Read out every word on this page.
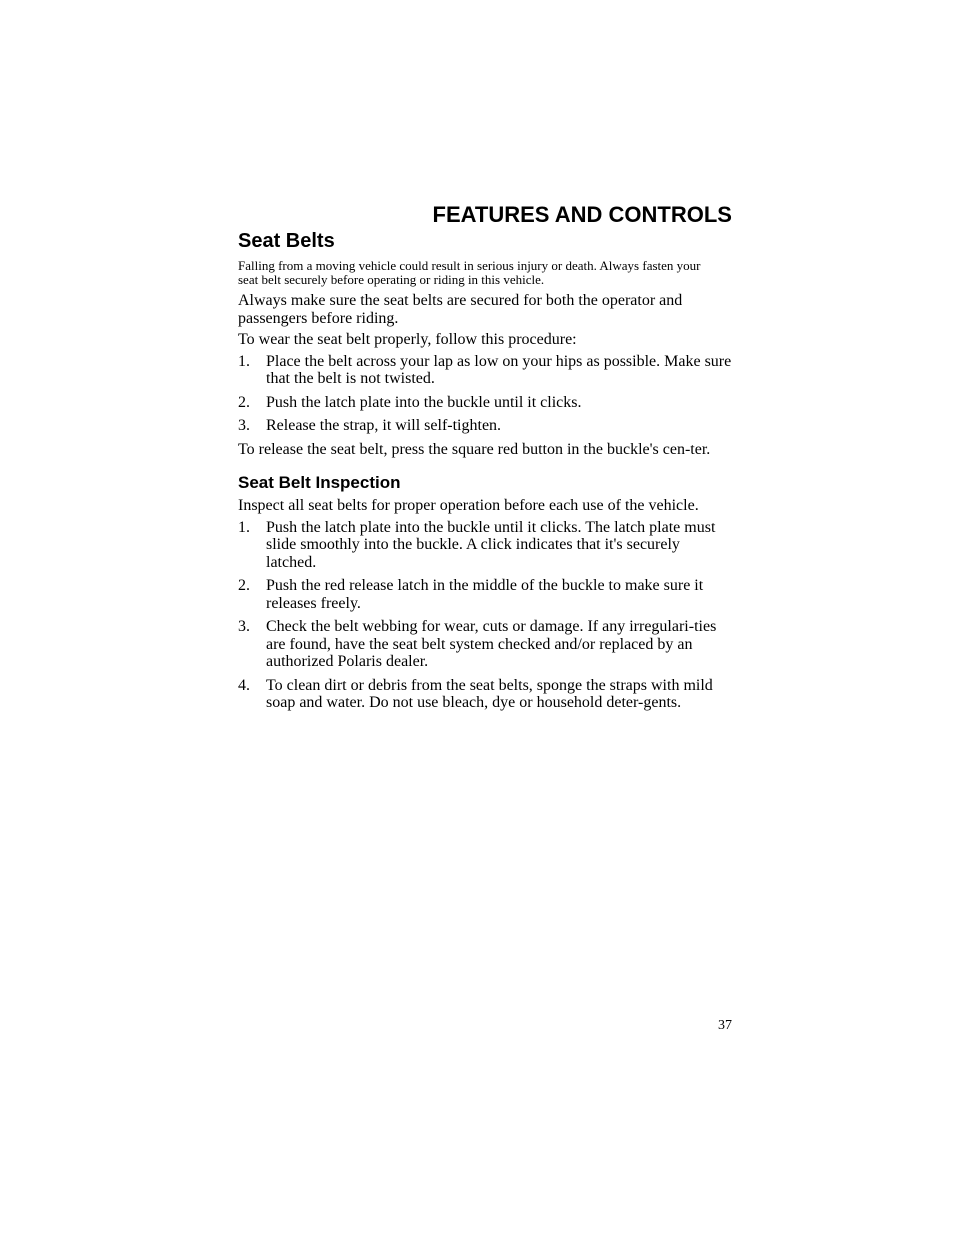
FEATURES AND CONTROLS
Seat Belts

Falling from a moving vehicle could result in serious injury or death. Always fasten your seat belt securely before operating or riding in this vehicle.

Always make sure the seat belts are secured for both the operator and passengers before riding.

To wear the seat belt properly, follow this procedure:

1. Place the belt across your lap as low on your hips as possible. Make sure that the belt is not twisted.
2. Push the latch plate into the buckle until it clicks.
3. Release the strap, it will self-tighten.

To release the seat belt, press the square red button in the buckle's cen-ter.

Seat Belt Inspection

Inspect all seat belts for proper operation before each use of the vehicle.

1. Push the latch plate into the buckle until it clicks. The latch plate must slide smoothly into the buckle. A click indicates that it's securely latched.
2. Push the red release latch in the middle of the buckle to make sure it releases freely.
3. Check the belt webbing for wear, cuts or damage. If any irregulari-ties are found, have the seat belt system checked and/or replaced by an authorized Polaris dealer.
4. To clean dirt or debris from the seat belts, sponge the straps with mild soap and water. Do not use bleach, dye or household deter-gents.

37
